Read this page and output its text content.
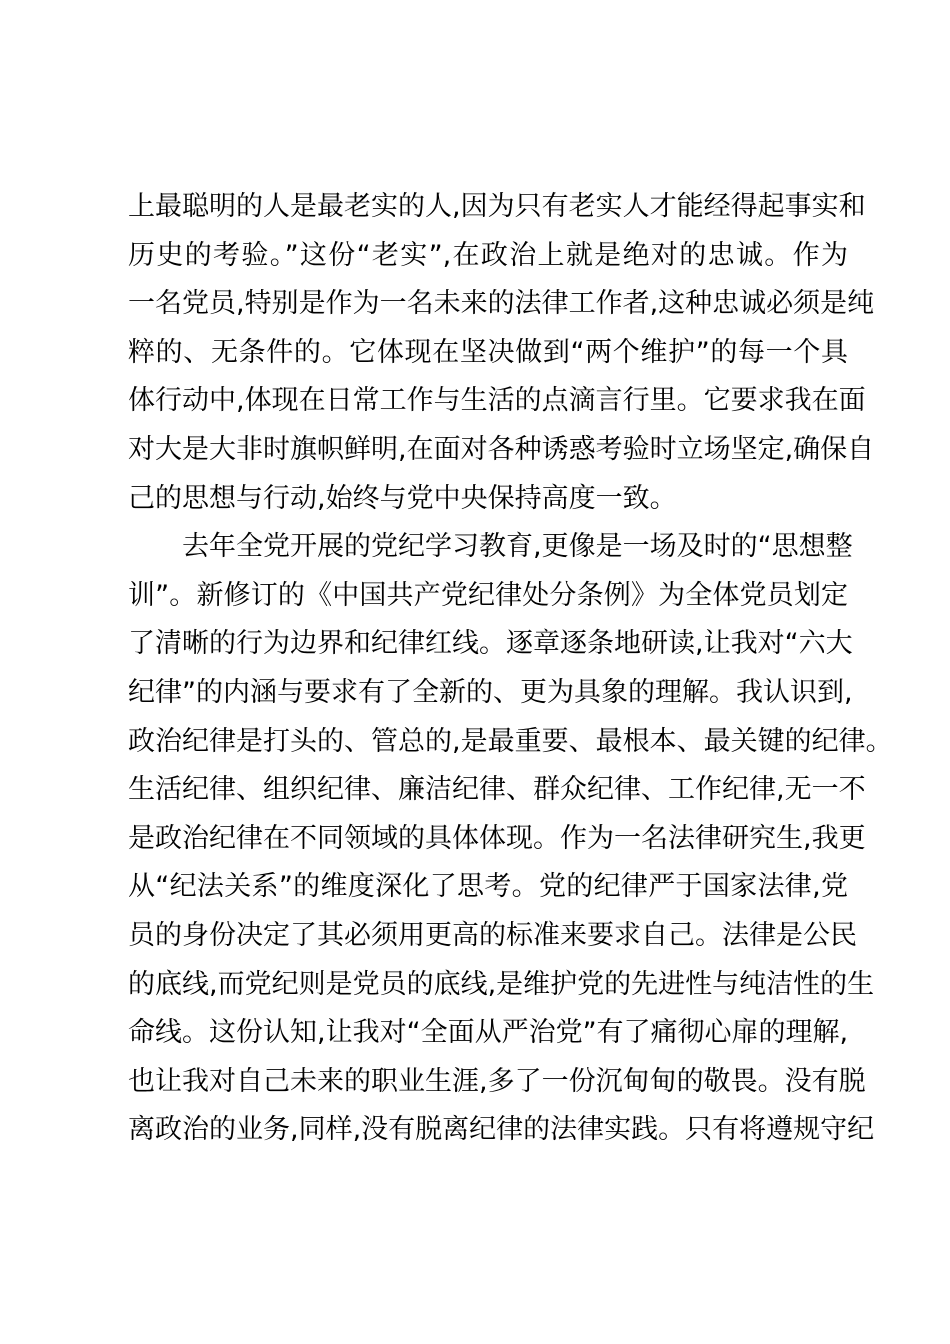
上最聪明的人是最老实的人,因为只有老实人才能经得起事实和
历史的考验。”这份“老实”,在政治上就是绝对的忠诚。作为
一名党员,特别是作为一名未来的法律工作者,这种忠诚必须是纯
粹的、无条件的。它体现在坚决做到“两个维护”的每一个具
体行动中,体现在日常工作与生活的点滴言行里。它要求我在面
对大是大非时旗帜鲜明,在面对各种诱惑考验时立场坚定,确保自
己的思想与行动,始终与党中央保持高度一致。
去年全党开展的党纪学习教育,更像是一场及时的“思想整
训”。新修订的《中国共产党纪律处分条例》为全体党员划定
了清晰的行为边界和纪律红线。逐章逐条地研读,让我对“六大
纪律”的内涵与要求有了全新的、更为具象的理解。我认识到,
政治纪律是打头的、管总的,是最重要、最根本、最关键的纪律。
生活纪律、组织纪律、廉洁纪律、群众纪律、工作纪律,无一不
是政治纪律在不同领域的具体体现。作为一名法律研究生,我更
从“纪法关系”的维度深化了思考。党的纪律严于国家法律,党
员的身份决定了其必须用更高的标准来要求自己。法律是公民
的底线,而党纪则是党员的底线,是维护党的先进性与纯洁性的生
命线。这份认知,让我对“全面从严治党”有了痛彻心扉的理解,
也让我对自己未来的职业生涯,多了一份沉甸甸的敬畏。没有脱
离政治的业务,同样,没有脱离纪律的法律实践。只有将遵规守纪
